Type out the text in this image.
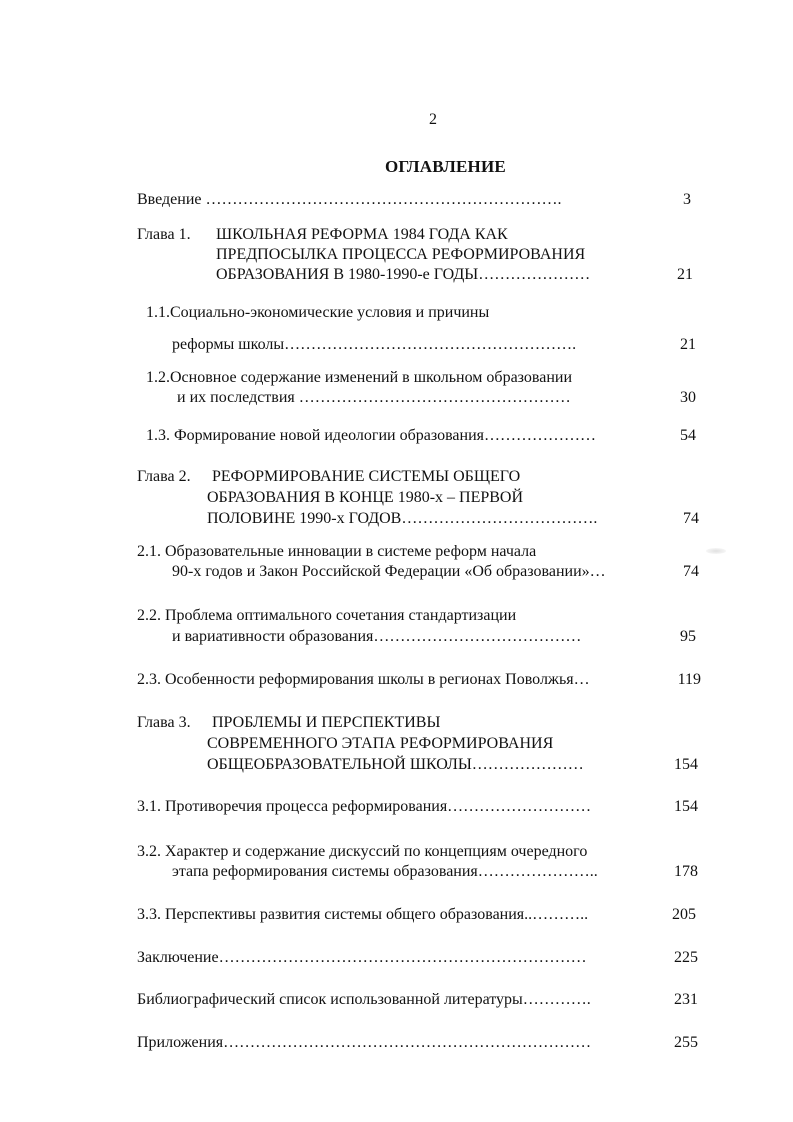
2
ОГЛАВЛЕНИЕ
Введение ………………………………………………………….	3
Глава 1. ШКОЛЬНАЯ РЕФОРМА 1984 ГОДА КАК
ПРЕДПОСЫЛКА ПРОЦЕССА РЕФОРМИРОВАНИЯ
ОБРАЗОВАНИЯ В 1980-1990-е ГОДЫ…………………	21
1.1.Социально-экономические условия и причины
реформы школы……………………………………………….	21
1.2.Основное содержание изменений в школьном образовании
и их последствия ……………………………………………	30
1.3. Формирование новой идеологии образования…………………	54
Глава 2. РЕФОРМИРОВАНИЕ СИСТЕМЫ ОБЩЕГО
ОБРАЗОВАНИЯ В КОНЦЕ 1980-х – ПЕРВОЙ
ПОЛОВИНЕ 1990-х ГОДОВ……………………………….	74
2.1. Образовательные инновации в системе реформ начала
90-х годов и Закон Российской Федерации «Об образовании»…	74
2.2. Проблема оптимального сочетания стандартизации
и вариативности образования…………………………………	95
2.3. Особенности реформирования школы в регионах Поволжья…	119
Глава 3. ПРОБЛЕМЫ И ПЕРСПЕКТИВЫ
СОВРЕМЕННОГО ЭТАПА РЕФОРМИРОВАНИЯ
ОБЩЕОБРАЗОВАТЕЛЬНОЙ ШКОЛЫ…………………	154
3.1. Противоречия процесса реформирования………………………	154
3.2. Характер и содержание дискуссий по концепциям очередного
этапа реформирования системы образования…………………..	178
3.3. Перспективы развития системы общего образования..………..	205
Заключение……………………………………………………………	225
Библиографический список использованной литературы………….	231
Приложения……………………………………………………………	255
